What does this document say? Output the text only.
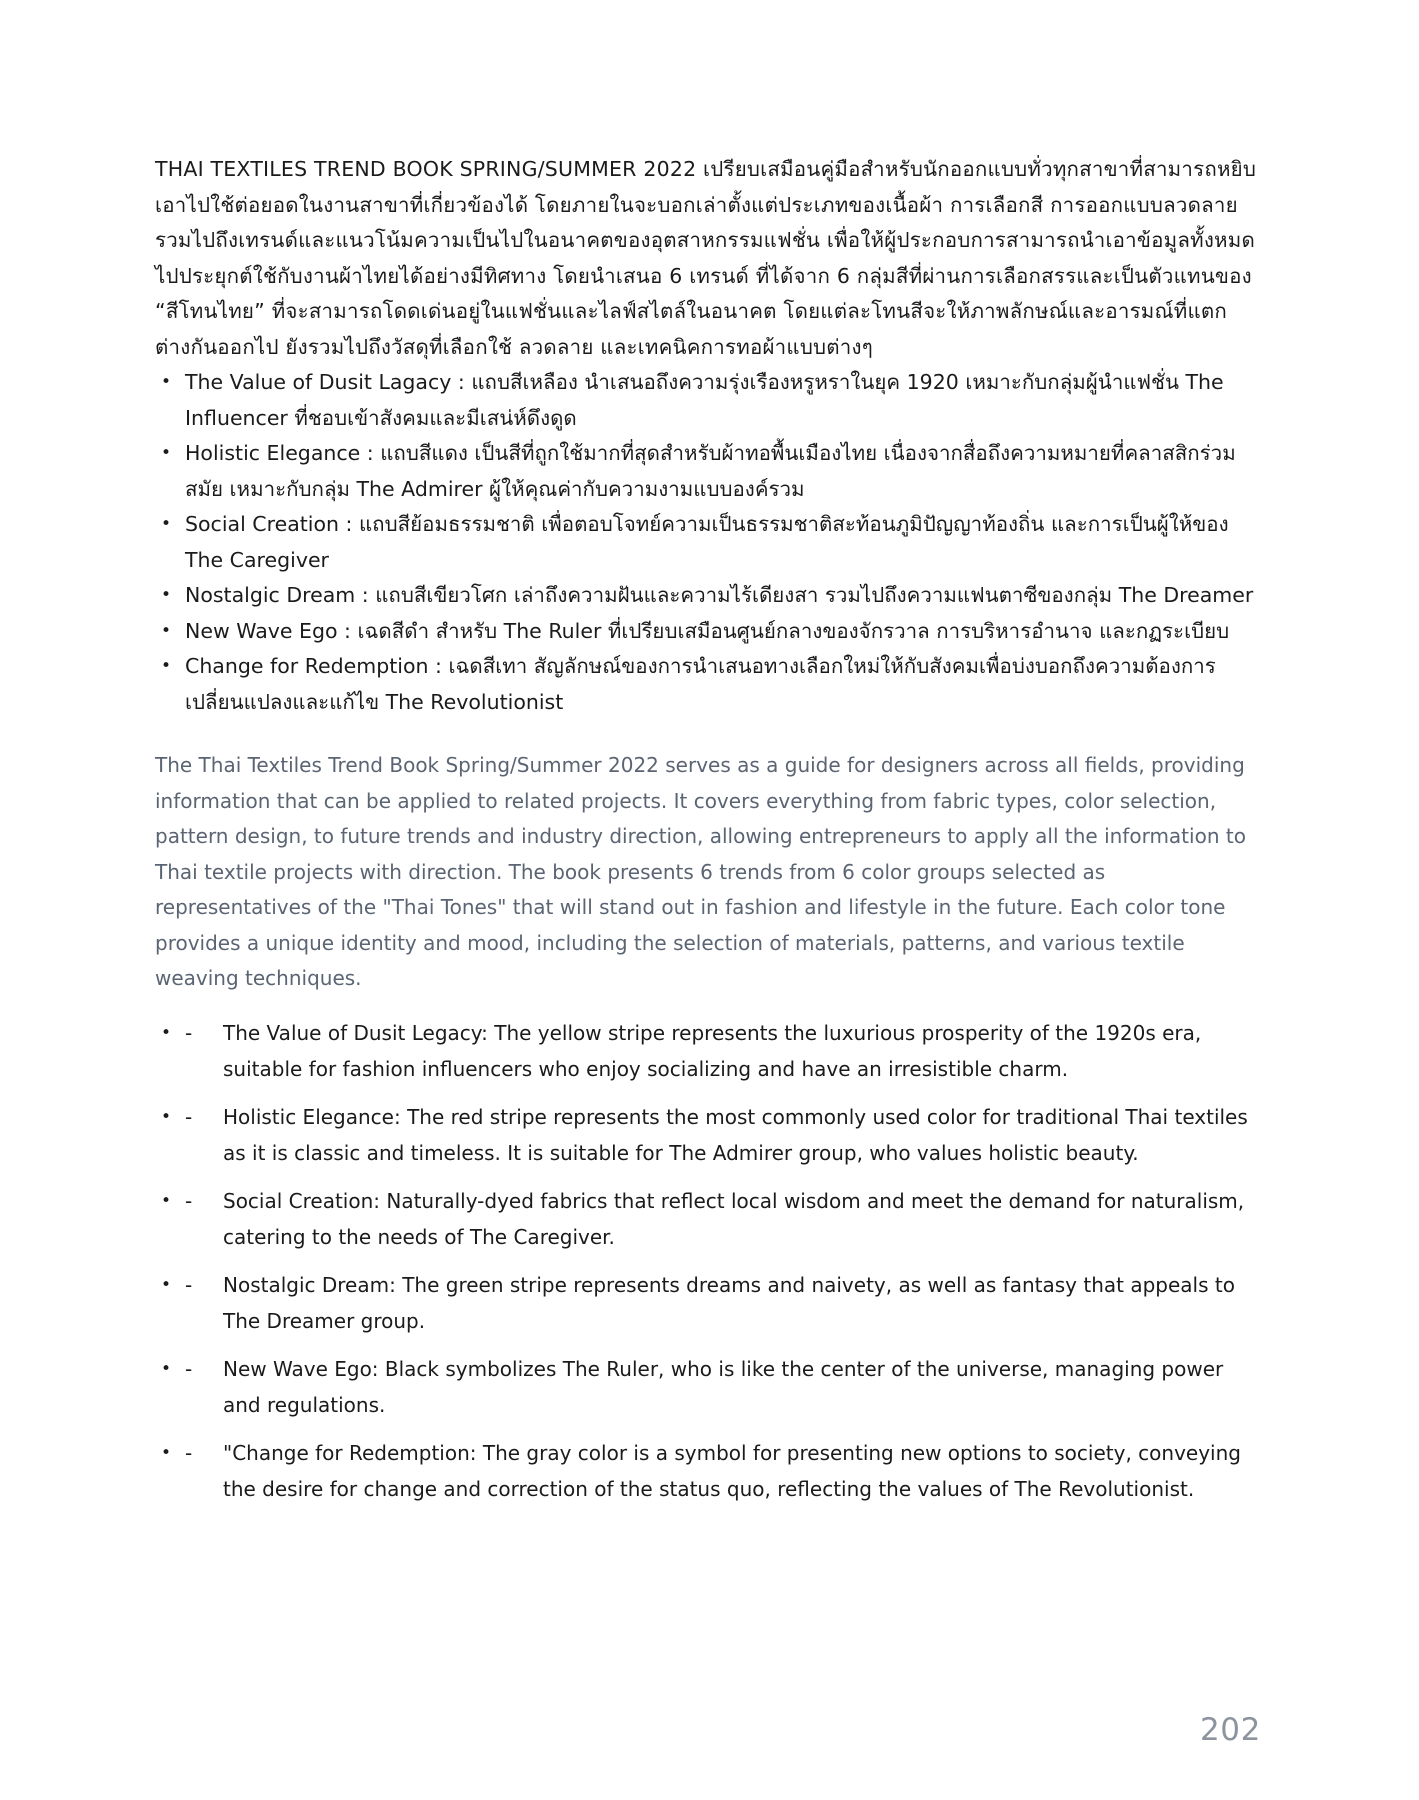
THAI TEXTILES TREND BOOK SPRING/SUMMER 2022 เปรียบเสมือนคู่มือสำหรับนักออกแบบทั่วทุกสาขาที่สามารถหยิบเอาไปใช้ต่อยอดในงานสาขาที่เกี่ยวข้องได้ โดยภายในจะบอกเล่าตั้งแต่ประเภทของเนื้อผ้า การเลือกสี การออกแบบลวดลาย รวมไปถึงเทรนด์และแนวโน้มความเป็นไปในอนาคตของอุตสาหกรรมแฟชั่น เพื่อให้ผู้ประกอบการสามารถนำเอาข้อมูลทั้งหมดไปประยุกต์ใช้กับงานผ้าไทยได้อย่างมีทิศทาง โดยนำเสนอ 6 เทรนด์ ที่ได้จาก 6 กลุ่มสีที่ผ่านการเลือกสรรและเป็นตัวแทนของ “สีโทนไทย” ที่จะสามารถโดดเด่นอยู่ในแฟชั่นและไลฟ์สไตล์ในอนาคต โดยแต่ละโทนสีจะให้ภาพลักษณ์และอารมณ์ที่แตกต่างกันออกไป ยังรวมไปถึงวัสดุที่เลือกใช้ ลวดลาย และเทคนิคการทอผ้าแบบต่างๆ

• The Value of Dusit Lagacy : แถบสีเหลือง นำเสนอถึงความรุ่งเรืองหรูหราในยุค 1920 เหมาะกับกลุ่มผู้นำแฟชั่น The Influencer ที่ชอบเข้าสังคมและมีเสน่ห์ดึงดูด
• Holistic Elegance : แถบสีแดง เป็นสีที่ถูกใช้มากที่สุดสำหรับผ้าทอพื้นเมืองไทย เนื่องจากสื่อถึงความหมายที่คลาสสิกร่วมสมัย เหมาะกับกลุ่ม The Admirer ผู้ให้คุณค่ากับความงามแบบองค์รวม
• Social Creation : แถบสีย้อมธรรมชาติ เพื่อตอบโจทย์ความเป็นธรรมชาติสะท้อนภูมิปัญญาท้องถิ่น และการเป็นผู้ให้ของ The Caregiver
• Nostalgic Dream : แถบสีเขียวโศก เล่าถึงความฝันและความไร้เดียงสา รวมไปถึงความแฟนตาซีของกลุ่ม The Dreamer
• New Wave Ego : เฉดสีดำ สำหรับ The Ruler ที่เปรียบเสมือนศูนย์กลางของจักรวาล การบริหารอำนาจ และกฏระเบียบ
• Change for Redemption : เฉดสีเทา สัญลักษณ์ของการนำเสนอทางเลือกใหม่ให้กับสังคมเพื่อบ่งบอกถึงความต้องการเปลี่ยนแปลงและแก้ไข The Revolutionist

The Thai Textiles Trend Book Spring/Summer 2022 serves as a guide for designers across all fields, providing information that can be applied to related projects. It covers everything from fabric types, color selection, pattern design, to future trends and industry direction, allowing entrepreneurs to apply all the information to Thai textile projects with direction. The book presents 6 trends from 6 color groups selected as representatives of the "Thai Tones" that will stand out in fashion and lifestyle in the future. Each color tone provides a unique identity and mood, including the selection of materials, patterns, and various textile weaving techniques.

• - The Value of Dusit Legacy: The yellow stripe represents the luxurious prosperity of the 1920s era, suitable for fashion influencers who enjoy socializing and have an irresistible charm.
• - Holistic Elegance: The red stripe represents the most commonly used color for traditional Thai textiles as it is classic and timeless. It is suitable for The Admirer group, who values holistic beauty.
• - Social Creation: Naturally-dyed fabrics that reflect local wisdom and meet the demand for naturalism, catering to the needs of The Caregiver.
• - Nostalgic Dream: The green stripe represents dreams and naivety, as well as fantasy that appeals to The Dreamer group.
• - New Wave Ego: Black symbolizes The Ruler, who is like the center of the universe, managing power and regulations.
• - "Change for Redemption: The gray color is a symbol for presenting new options to society, conveying the desire for change and correction of the status quo, reflecting the values of The Revolutionist.
202
